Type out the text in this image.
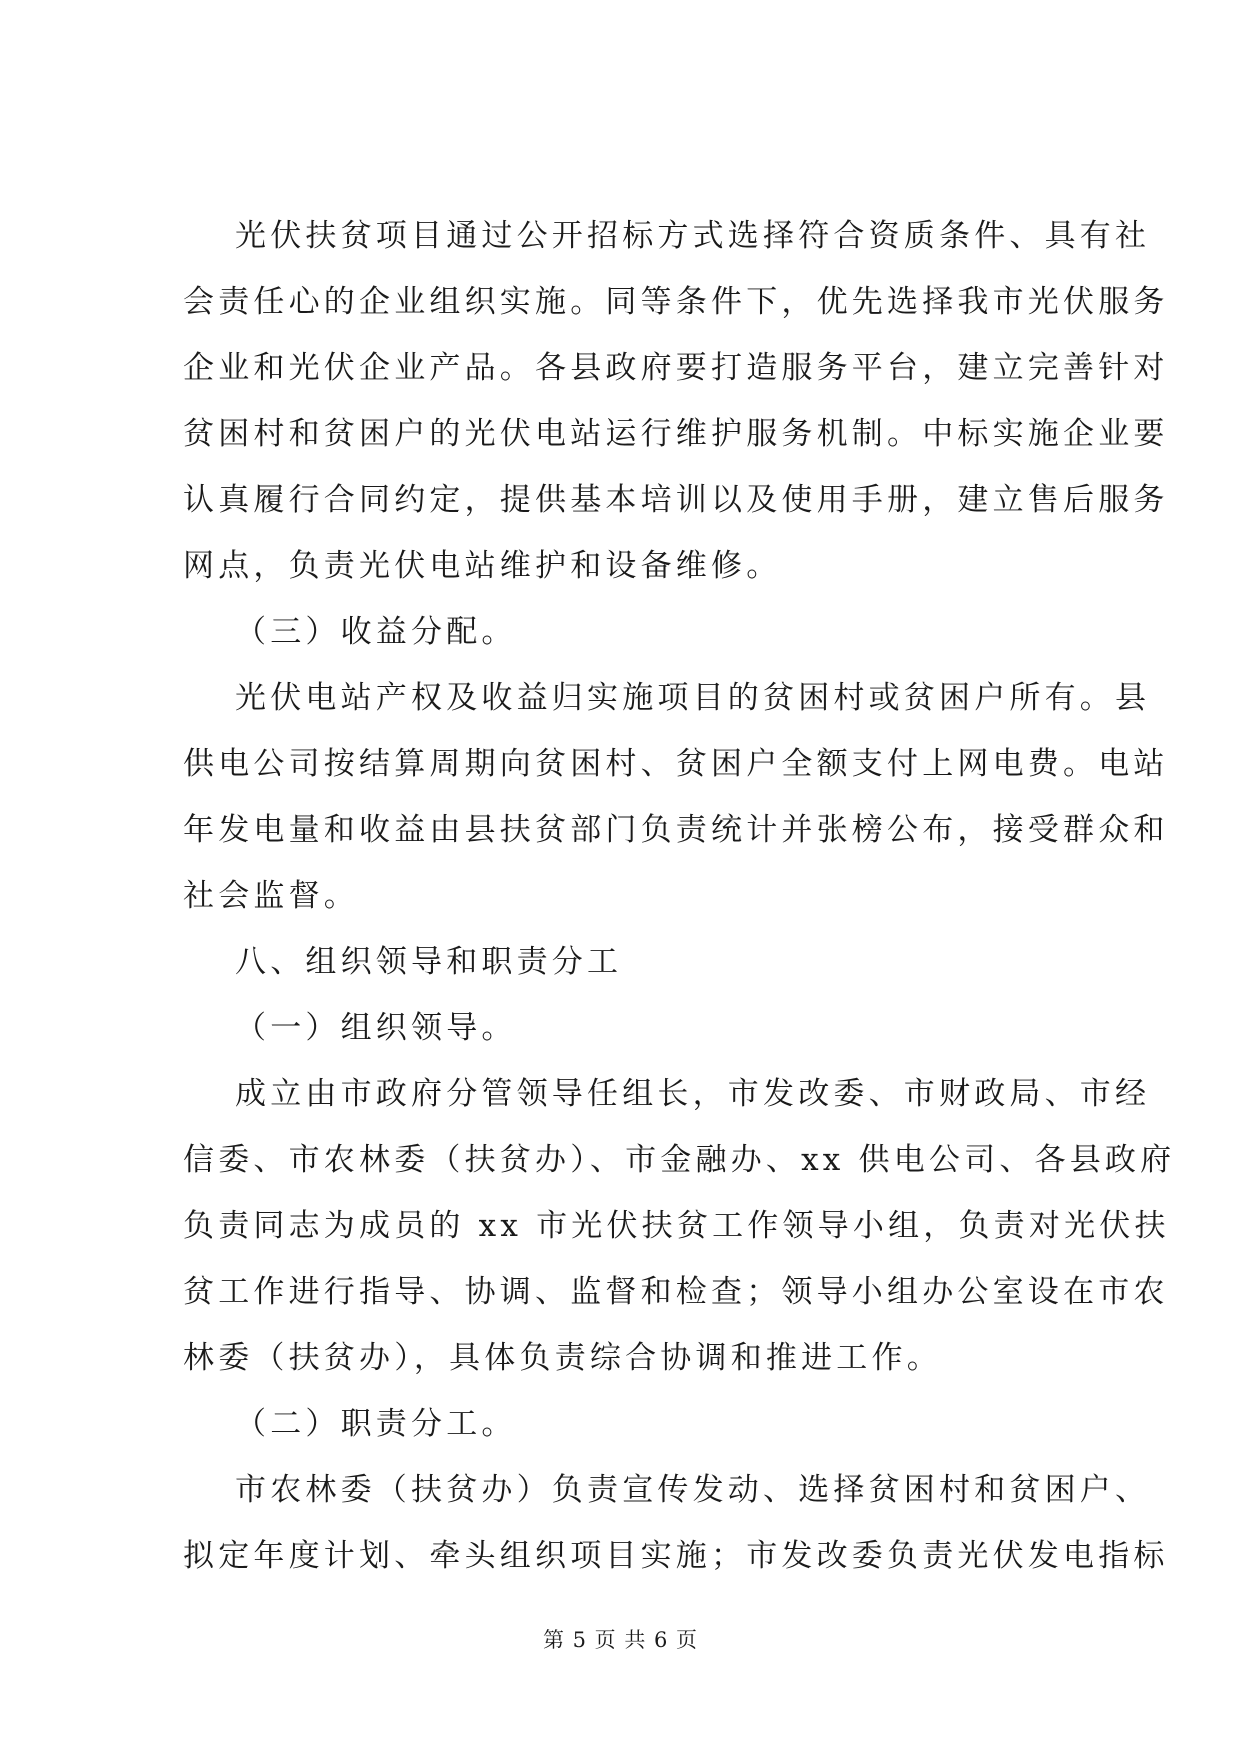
光伏扶贫项目通过公开招标方式选择符合资质条件、具有社
会责任心的企业组织实施。同等条件下，优先选择我市光伏服务
企业和光伏企业产品。各县政府要打造服务平台，建立完善针对
贫困村和贫困户的光伏电站运行维护服务机制。中标实施企业要
认真履行合同约定，提供基本培训以及使用手册，建立售后服务
网点，负责光伏电站维护和设备维修。
（三）收益分配。
光伏电站产权及收益归实施项目的贫困村或贫困户所有。县
供电公司按结算周期向贫困村、贫困户全额支付上网电费。电站
年发电量和收益由县扶贫部门负责统计并张榜公布，接受群众和
社会监督。
八、组织领导和职责分工
（一）组织领导。
成立由市政府分管领导任组长，市发改委、市财政局、市经
信委、市农林委（扶贫办）、市金融办、xx 供电公司、各县政府
负责同志为成员的 xx 市光伏扶贫工作领导小组，负责对光伏扶
贫工作进行指导、协调、监督和检查；领导小组办公室设在市农
林委（扶贫办），具体负责综合协调和推进工作。
（二）职责分工。
市农林委（扶贫办）负责宣传发动、选择贫困村和贫困户、
拟定年度计划、牵头组织项目实施；市发改委负责光伏发电指标
第 5 页 共 6 页
